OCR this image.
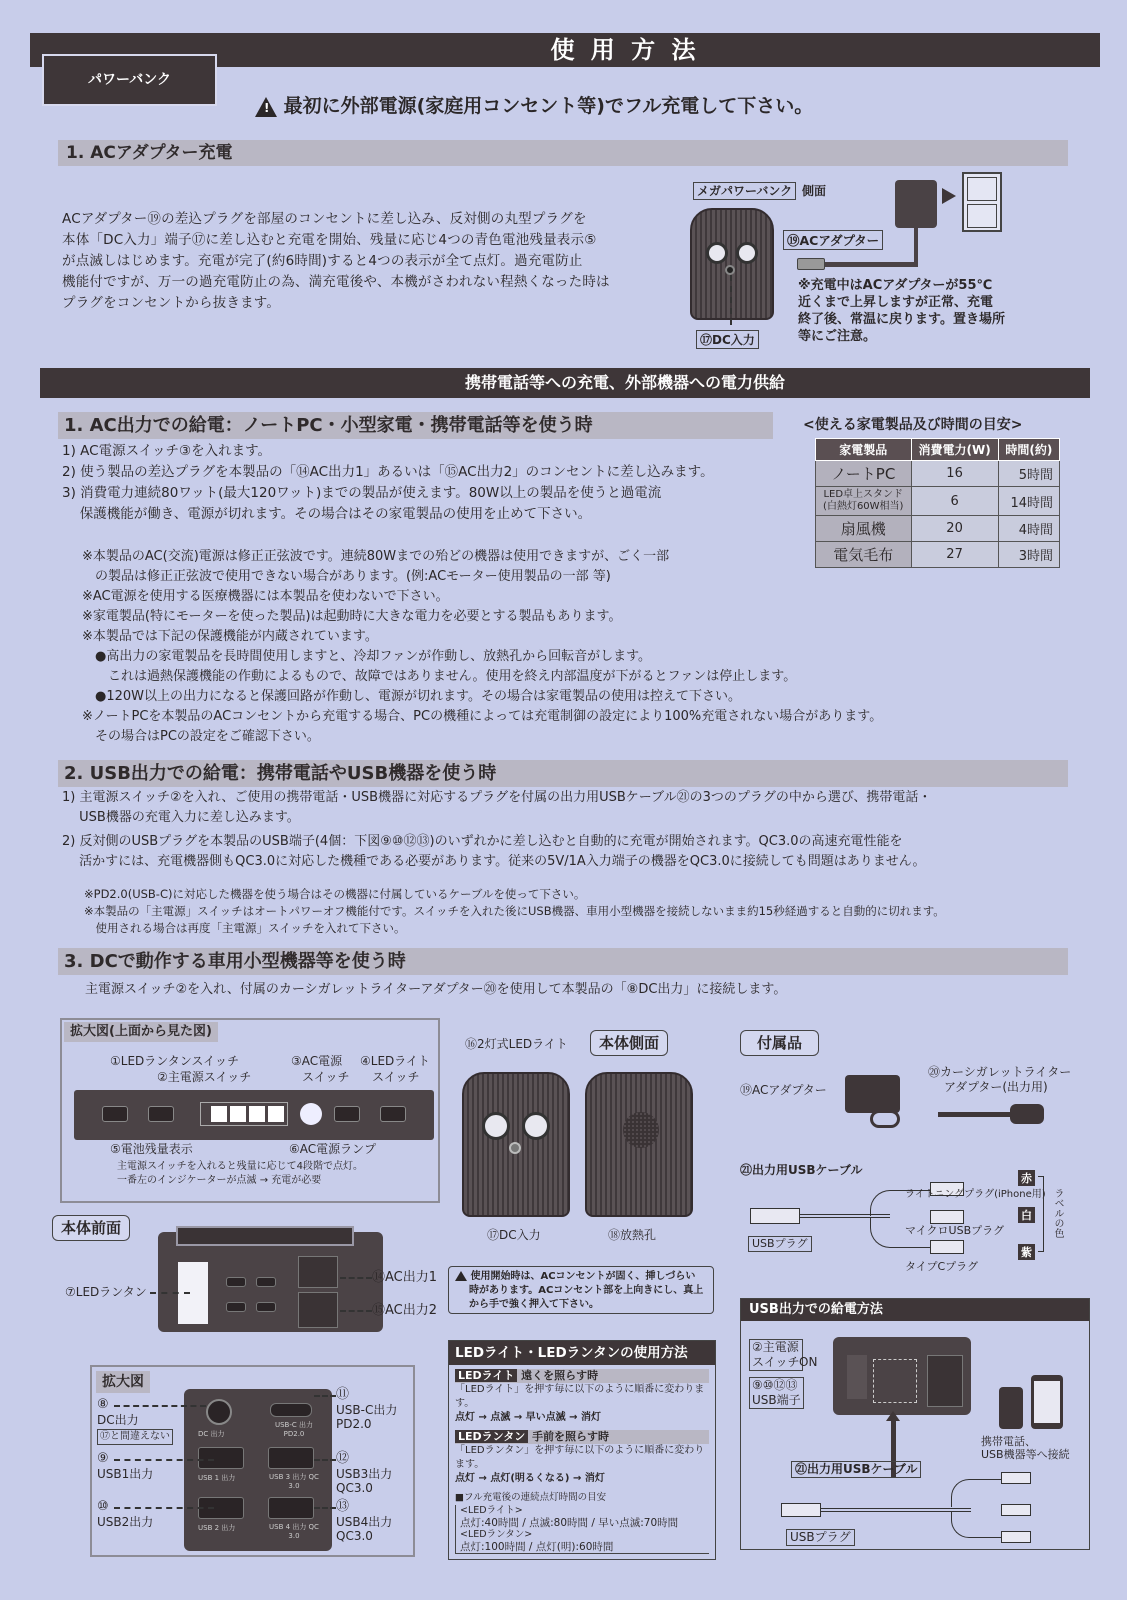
使 用 方 法
パワーバンク
! 最初に外部電源(家庭用コンセント等)でフル充電して下さい。
1. ACアダプター充電
ACアダプター⑲の差込プラグを部屋のコンセントに差し込み、反対側の丸型プラグを
本体「DC入力」端子⑰に差し込むと充電を開始、残量に応じ4つの青色電池残量表示⑤
が点滅しはじめます。充電が完了(約6時間)すると4つの表示が全て点灯。過充電防止
機能付ですが、万一の過充電防止の為、満充電後や、本機がさわれない程熱くなった時は
プラグをコンセントから抜きます。
メガパワーバンク 側面
⑰DC入力
⑲ACアダプター
※充電中はACアダプターが55℃
近くまで上昇しますが正常、充電
終了後、常温に戻ります。置き場所
等にご注意。
携帯電話等への充電、外部機器への電力供給
1. AC出力での給電：ノートPC・小型家電・携帯電話等を使う時
1) AC電源スイッチ③を入れます。
2) 使う製品の差込プラグを本製品の「⑭AC出力1」あるいは「⑮AC出力2」のコンセントに差し込みます。
3) 消費電力連続80ワット(最大120ワット)までの製品が使えます。80W以上の製品を使うと過電流
　 保護機能が働き、電源が切れます。その場合はその家電製品の使用を止めて下さい。
<使える家電製品及び時間の目安>
家電製品	消費電力(W)	時間(約)
ノートPC	16	5時間

LED卓上スタンド
(白熱灯60W相当)	6	14時間
扇風機	20	4時間
電気毛布	27	3時間
※本製品のAC(交流)電源は修正正弦波です。連続80Wまでの殆どの機器は使用できますが、ごく一部
　の製品は修正正弦波で使用できない場合があります。(例:ACモーター使用製品の一部 等)
※AC電源を使用する医療機器には本製品を使わないで下さい。
※家電製品(特にモーターを使った製品)は起動時に大きな電力を必要とする製品もあります。
※本製品では下記の保護機能が内蔵されています。
　●高出力の家電製品を長時間使用しますと、冷却ファンが作動し、放熱孔から回転音がします。
　　これは過熱保護機能の作動によるもので、故障ではありません。使用を終え内部温度が下がるとファンは停止します。
　●120W以上の出力になると保護回路が作動し、電源が切れます。その場合は家電製品の使用は控えて下さい。
※ノートPCを本製品のACコンセントから充電する場合、PCの機種によっては充電制御の設定により100%充電されない場合があります。
　その場合はPCの設定をご確認下さい。
2. USB出力での給電：携帯電話やUSB機器を使う時
1) 主電源スイッチ②を入れ、ご使用の携帯電話・USB機器に対応するプラグを付属の出力用USBケーブル㉑の3つのプラグの中から選び、携帯電話・
　 USB機器の充電入力に差し込みます。
2) 反対側のUSBプラグを本製品のUSB端子(4個：下図⑨⑩⑫⑬)のいずれかに差し込むと自動的に充電が開始されます。QC3.0の高速充電性能を
　 活かすには、充電機器側もQC3.0に対応した機種である必要があります。従来の5V/1A入力端子の機器をQC3.0に接続しても問題はありません。
※PD2.0(USB-C)に対応した機器を使う場合はその機器に付属しているケーブルを使って下さい。
※本製品の「主電源」スイッチはオートパワーオフ機能付です。スイッチを入れた後にUSB機器、車用小型機器を接続しないまま約15秒経過すると自動的に切れます。
　使用される場合は再度「主電源」スイッチを入れて下さい。
3. DCで動作する車用小型機器等を使う時
主電源スイッチ②を入れ、付属のカーシガレットライターアダプター⑳を使用して本製品の「⑧DC出力」に接続します。
拡大図(上面から見た図)
①LEDランタンスイッチ
②主電源スイッチ
③AC電源
スイッチ
④LEDライト
スイッチ
⑤電池残量表示	⑥AC電源ランプ
主電源スイッチを入れると残量に応じて4段階で点灯。
一番左のインジケーターが点滅 → 充電が必要
本体前面
⑦LEDランタン
⑭AC出力1
⑮AC出力2
拡大図
DC 出力
USB-C 出力 PD2.0
USB 1 出力	USB 3 出力 QC 3.0
USB 2 出力	USB 4 出力 QC 3.0
⑧
DC出力
⑰と間違えない
⑨
USB1出力
⑩
USB2出力
⑪
USB-C出力
PD2.0
⑫
USB3出力
QC3.0
⑬
USB4出力
QC3.0
⑯2灯式LEDライト	本体側面
⑰DC入力	⑱放熱孔
使用開始時は、ACコンセントが固く、挿しづらい
時があります。ACコンセント部を上向きにし、真上
から手で強く押入て下さい。
LEDライト・LEDランタンの使用方法
LEDライト 遠くを照らす時
「LEDライト」を押す毎に以下のように順番に変わります。
点灯 → 点滅 → 早い点滅 → 消灯
LEDランタン 手前を照らす時
「LEDランタン」を押す毎に以下のように順番に変わります。
点灯 → 点灯(明るくなる) → 消灯
■フル充電後の連続点灯時間の目安
<LEDライト>
点灯:40時間 / 点滅:80時間 / 早い点滅:70時間
<LEDランタン>
点灯:100時間 / 点灯(明):60時間
付属品
⑲ACアダプター
⑳カーシガレットライター
アダプター(出力用)
㉑出力用USBケーブル
ライトニングプラグ(iPhone用)
マイクロUSBプラグ
タイプCプラグ
USBプラグ
赤
白
紫
ラベルの色
USB出力での給電方法
②主電源
スイッチ ON
⑨⑩⑫⑬
USB端子
携帯電話、
USB機器等へ接続
㉑出力用USBケーブル
USBプラグ
